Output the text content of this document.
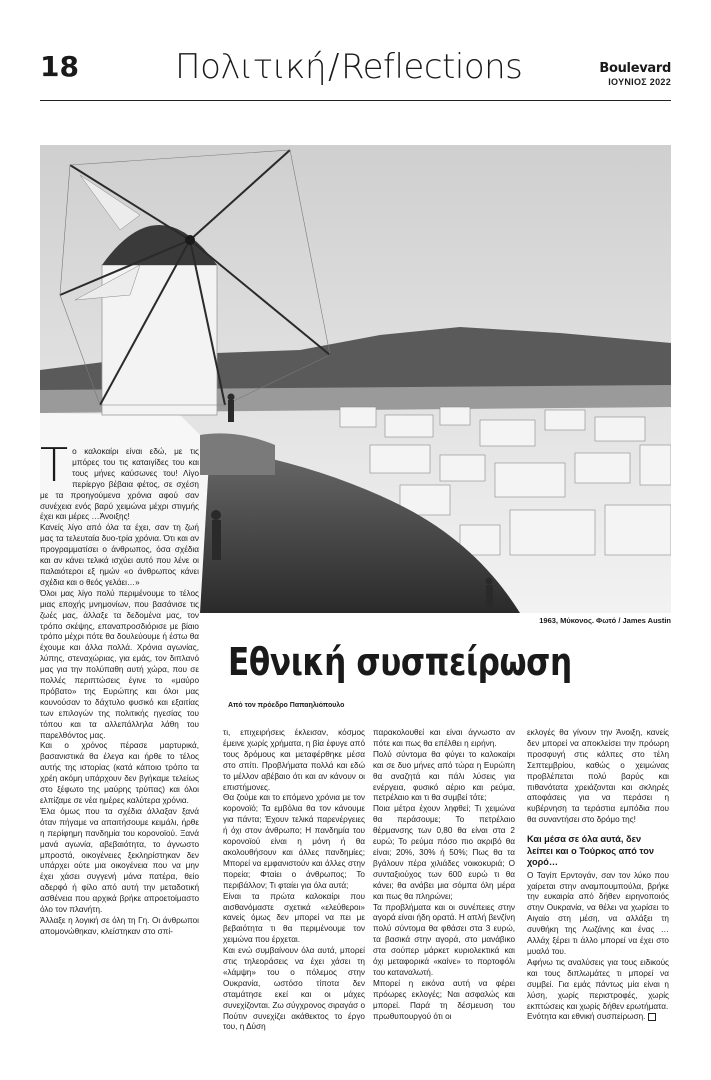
18	Πολιτική/Reflections	Boulevard
ΙΟΥΝΙΟΣ 2022
1963, Μύκονος. Φωτό / James Austin
Εθνική συσπείρωση
Από τον πρόεδρο Παπαηλιόπουλο
Τ ο καλοκαίρι είναι εδώ, με τις μπόρες του τις καταιγίδες του και τους μήνες καύσωνες του! Λίγο περίεργο βέβαια φέτος, σε σχέση με τα προηγούμενα χρόνια αφού σαν συνέχεια ενός βαρύ χειμώνα μέχρι στιγμής έχει και μέρες …Άνοιξης!

Κανείς λίγο από όλα τα έχει, σαν τη ζωή μας τα τελευταία δυο-τρία χρόνια. Ότι και αν προγραμματίσει ο άνθρωπος, όσα σχέδια και αν κάνει τελικά ισχύει αυτό που λένε οι παλαιότεροι εξ ημών «ο άνθρωπος κάνει σχέδια και ο θεός γελάει…»

Όλοι μας λίγο πολύ περιμένουμε το τέλος μιας εποχής μνημονίων, που βασάνισε τις ζωές μας, άλλαξε τα δεδομένα μας, τον τρόπο σκέψης, επαναπροσδιόρισε με βίαιο τρόπο μέχρι πότε θα δουλεύουμε ή έστω θα έχουμε και άλλα πολλά. Χρόνια αγωνίας, λύπης, στεναχώριας, για εμάς, τον διπλανό μας για την πολύπαθη αυτή χώρα, που σε πολλές περιπτώσεις έγινε το «μαύρο πρόβατο» της Ευρώπης και όλοι μας κουνούσαν το δάχτυλο φυσικό και εξαιτίας των επιλογών της πολιτικής ηγεσίας του τόπου και τα αλλεπάλληλα λάθη του παρελθόντος μας.

Και ο χρόνος πέρασε μαρτυρικά, βασανιστικά θα έλεγα και ήρθε το τέλος αυτής της ιστορίας (κατά κάποιο τρόπο τα χρέη ακόμη υπάρχουν δεν βγήκαμε τελείως στο ξέφωτο της μαύρης τρύπας) και όλοι ελπίζαμε σε νέα ημέρες καλύτερα χρόνια.

Έλα όμως που τα σχέδια άλλαξαν ξανά όταν πήγαμε να απαιτήσουμε κειμάλι, ήρθε η περίφημη πανδημία του κορονοϊού. Ξανά μανά αγωνία, αβεβαιότητα, το άγνωστο μπροστά, οικογένειες ξεκληρίστηκαν δεν υπάρχει ούτε μια οικογένεια που να μην έχει χάσει συγγενή μάνα πατέρα, θείο αδερφό ή φίλο από αυτή την μεταδοτική ασθένεια που αρχικά βρήκε απροετοίμαστο όλο τον πλανήτη.

Άλλαξε η λογική σε όλη τη Γη. Οι άνθρωποι απομονώθηκαν, κλείστηκαν στο σπί-

τι, επιχειρήσεις έκλεισαν, κόσμος έμεινε χωρίς χρήματα, η βία έφυγε από τους δρόμους και μεταφέρθηκε μέσα στο σπίτι. Προβλήματα πολλά και εδώ το μέλλον αβέβαιο ότι και αν κάνουν οι επιστήμονες.

Θα ζούμε και το επόμενο χρόνια με τον κορονοϊό; Τα εμβόλια θα τον κάνουμε για πάντα; Έχουν τελικά παρενέργειες ή όχι στον άνθρωπο; Η πανδημία του κορονοϊού είναι η μόνη ή θα ακολουθήσουν και άλλες πανδημίες; Μπορεί να εμφανιστούν και άλλες στην πορεία; Φταίει ο άνθρωπος; Το περιβάλλον; Τι φταίει για όλα αυτά;

Είναι τα πρώτα καλοκαίρι που αισθανόμαστε σχετικά «ελεύθεροι» κανείς όμως δεν μπορεί να πει με βεβαιότητα τι θα περιμένουμε τον χειμώνα που έρχεται.

Και ενώ συμβαίνουν όλα αυτά, μπορεί στις τηλεοράσεις να έχει χάσει τη «λάμψη» του ο πόλεμος στην Ουκρανία, ωστόσο τίποτα δεν σταμάτησε εκεί και οι μάχες συνεχίζονται. Ζω σύγχρονος σιραγάσ ο Πούτιν συνεχίζει ακάθεκτος το έργο του, η Δύση

παρακολουθεί και είναι άγνωστο αν πότε και πως θα επέλθει η ειρήνη.

Πολύ σύντομα θα φύγει το καλοκαίρι και σε δυο μήνες από τώρα η Ευρώπη θα αναζητά και πάλι λύσεις για ενέργεια, φυσικό αέριο και ρεύμα, πετρέλαιο και τι θα συμβεί τότε;

Ποια μέτρα έχουν ληφθεί; Τι χειμώνα θα περάσουμε; Το πετρέλαιο θέρμανσης των 0,80 θα είναι στα 2 ευρώ; Το ρεύμα πόσο πιο ακριβό θα είναι; 20%, 30% ή 50%; Πως θα τα βγάλουν πέρα χιλιάδες νοικοκυριά; Ο συνταξιούχος των 600 ευρώ τι θα κάνει; θα ανάβει μια σόμπα όλη μέρα και πως θα πληρώνει;

Τα προβλήματα και οι συνέπειες στην αγορά είναι ήδη ορατά. Η απλή βενζίνη πολύ σύντομα θα φθάσει στα 3 ευρώ, τα βασικά στην αγορά, στο μανάβικο στα σούπερ μάρκετ κυριολεκτικά και όχι μεταφορικά «καίνε» το πορτοφόλι του καταναλωτή.

Μπορεί η εικόνα αυτή να φέρει πρόωρες εκλογές; Ναι ασφαλώς και μπορεί. Παρά τη δέσμευση του πρωθυπουργού ότι οι

εκλογές θα γίνουν την Άνοιξη, κανείς δεν μπορεί να αποκλείσει την πρόωρη προσφυγή στις κάλπες στο τέλη Σεπτεμβρίου, καθώς ο χειμώνας προβλέπεται πολύ βαρύς και πιθανότατα χρειάζονται και σκληρές αποφάσεις για να περάσει η κυβέρνηση τα τεράστια εμπόδια που θα συναντήσει στο δρόμο της!

Και μέσα σε όλα αυτά, δεν λείπει και ο Τούρκος από τον χορό…

Ο Ταγίπ Ερντογάν, σαν τον λύκο που χαίρεται στην αναμπουμπούλα, βρήκε την ευκαιρία από δήθεν ειρηνοποιός στην Ουκρανία, να θέλει να χωρίσει το Αιγαίο στη μέση, να αλλάξει τη συνθήκη της Λωζάνης και ένας …Αλλάχ ξέρει τι άλλο μπορεί να έχει στο μυαλό του.

Αφήνω τις αναλύσεις για τους ειδικούς και τους διπλωμάτες τι μπορεί να συμβεί. Για εμάς πάντως μία είναι η λύση, χωρίς περιστροφές, χωρίς εκπτώσεις και χωρίς δήθεν ερωτήματα.

Ενότητα και εθνική συσπείρωση.
